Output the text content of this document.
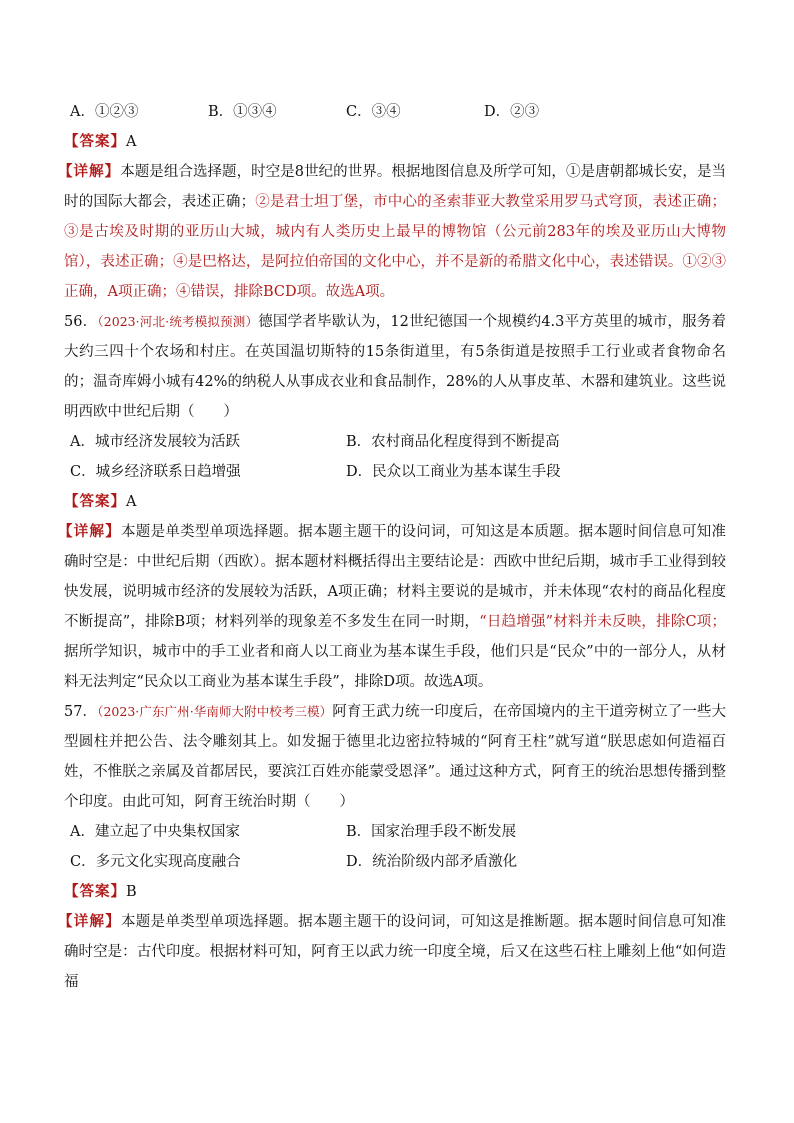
A．①②③	B．①③④	C．③④	D．②③
【答案】A
【详解】本题是组合选择题，时空是8世纪的世界。根据地图信息及所学可知，①是唐朝都城长安，是当时的国际大都会，表述正确；②是君士坦丁堡，市中心的圣索菲亚大教堂采用罗马式穹顶，表述正确；③是古埃及时期的亚历山大城，城内有人类历史上最早的博物馆（公元前283年的埃及亚历山大博物馆），表述正确；④是巴格达，是阿拉伯帝国的文化中心，并不是新的希腊文化中心，表述错误。①②③正确，A项正确；④错误，排除BCD项。故选A项。
56．（2023·河北·统考模拟预测）德国学者毕歇认为，12世纪德国一个规模约4.3平方英里的城市，服务着大约三四十个农场和村庄。在英国温切斯特的15条街道里，有5条街道是按照手工行业或者食物命名的；温奇库姆小城有42%的纳税人从事成衣业和食品制作，28%的人从事皮革、木器和建筑业。这些说明西欧中世纪后期（　　）
A．城市经济发展较为活跃	B．农村商品化程度得到不断提高
C．城乡经济联系日趋增强	D．民众以工商业为基本谋生手段
【答案】A
【详解】本题是单类型单项选择题。据本题主题干的设问词，可知这是本质题。据本题时间信息可知准确时空是：中世纪后期（西欧）。据本题材料概括得出主要结论是：西欧中世纪后期，城市手工业得到较快发展，说明城市经济的发展较为活跃，A项正确；材料主要说的是城市，并未体现“农村的商品化程度不断提高”，排除B项；材料列举的现象差不多发生在同一时期，“日趋增强”材料并未反映，排除C项；据所学知识，城市中的手工业者和商人以工商业为基本谋生手段，他们只是“民众”中的一部分人，从材料无法判定“民众以工商业为基本谋生手段”，排除D项。故选A项。
57．（2023·广东广州·华南师大附中校考三模）阿育王武力统一印度后，在帝国境内的主干道旁树立了一些大型圆柱并把公告、法令雕刻其上。如发掘于德里北边密拉特城的“阿育王柱”就写道“朕思虑如何造福百姓，不惟朕之亲属及首都居民，要滨江百姓亦能蒙受恩泽”。通过这种方式，阿育王的统治思想传播到整个印度。由此可知，阿育王统治时期（　　）
A．建立起了中央集权国家	B．国家治理手段不断发展
C．多元文化实现高度融合	D．统治阶级内部矛盾激化
【答案】B
【详解】本题是单类型单项选择题。据本题主题干的设问词，可知这是推断题。据本题时间信息可知准确时空是：古代印度。根据材料可知，阿育王以武力统一印度全境，后又在这些石柱上雕刻上他“如何造福
